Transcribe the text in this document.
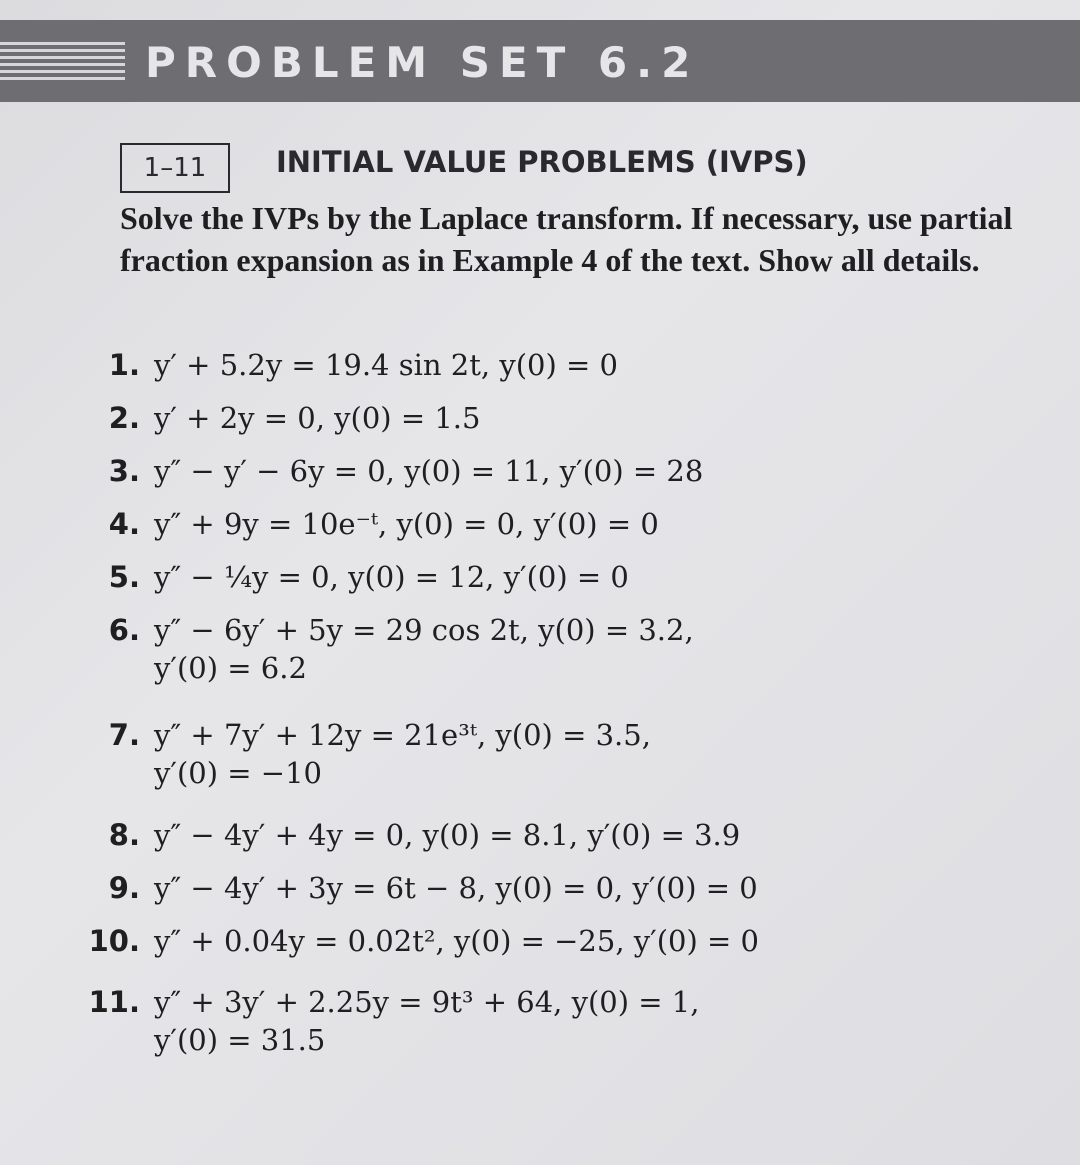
PROBLEM SET 6.2
1–11	INITIAL VALUE PROBLEMS (IVPS)
Solve the IVPs by the Laplace transform. If necessary, use partial fraction expansion as in Example 4 of the text. Show all details.
1. y′ + 5.2y = 19.4 sin 2t, y(0) = 0
2. y′ + 2y = 0, y(0) = 1.5
3. y″ − y′ − 6y = 0, y(0) = 11, y′(0) = 28
4. y″ + 9y = 10e⁻ᵗ, y(0) = 0, y′(0) = 0
5. y″ − ¼y = 0, y(0) = 12, y′(0) = 0
6. y″ − 6y′ + 5y = 29 cos 2t, y(0) = 3.2,
y′(0) = 6.2
7. y″ + 7y′ + 12y = 21e³ᵗ, y(0) = 3.5,
y′(0) = −10
8. y″ − 4y′ + 4y = 0, y(0) = 8.1, y′(0) = 3.9
9. y″ − 4y′ + 3y = 6t − 8, y(0) = 0, y′(0) = 0
10. y″ + 0.04y = 0.02t², y(0) = −25, y′(0) = 0
11. y″ + 3y′ + 2.25y = 9t³ + 64, y(0) = 1,
y′(0) = 31.5
